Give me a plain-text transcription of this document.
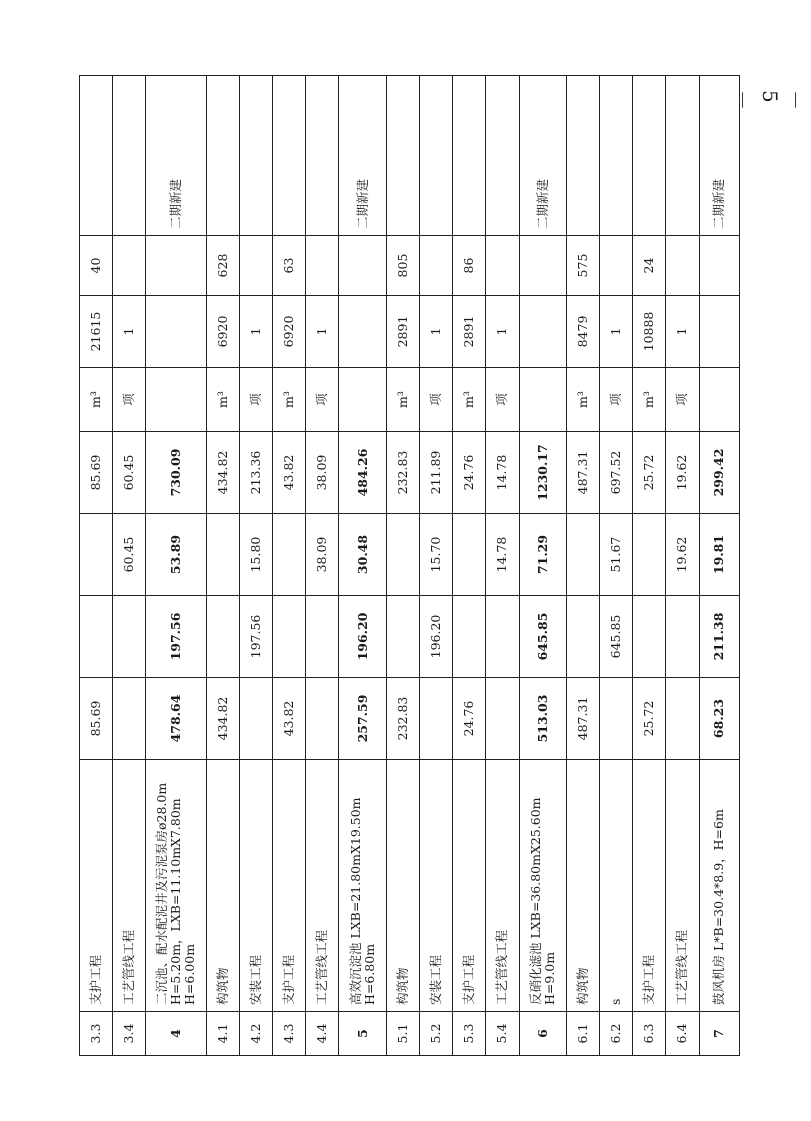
－ 5 －
3.3	支护工程	85.69			85.69	m³	21615	40	
3.4	工艺管线工程			60.45	60.45	项	1		
4	二沉池、配水配泥井及污泥泵房ø28.0m H=5.20m，LXB=11.10mX7.80m H=6.00m	478.64	197.56	53.89	730.09				二期新建
4.1	构筑物	434.82			434.82	m³	6920	628	
4.2	安装工程		197.56	15.80	213.36	项	1		
4.3	支护工程	43.82			43.82	m³	6920	63	
4.4	工艺管线工程			38.09	38.09	项	1		
5	高效沉淀池 LXB=21.80mX19.50m H=6.80m	257.59	196.20	30.48	484.26				二期新建
5.1	构筑物	232.83			232.83	m³	2891	805	
5.2	安装工程		196.20	15.70	211.89	项	1		
5.3	支护工程	24.76			24.76	m³	2891	86	
5.4	工艺管线工程			14.78	14.78	项	1		
6	反硝化滤池 LXB=36.80mX25.60m H=9.0m	513.03	645.85	71.29	1230.17				二期新建
6.1	构筑物	487.31			487.31	m³	8479	575	
6.2	s		645.85	51.67	697.52	项	1		
6.3	支护工程	25.72			25.72	m³	10888	24	
6.4	工艺管线工程			19.62	19.62	项	1		
7	鼓风机房 L*B=30.4*8.9，H=6m	68.23	211.38	19.81	299.42				二期新建
